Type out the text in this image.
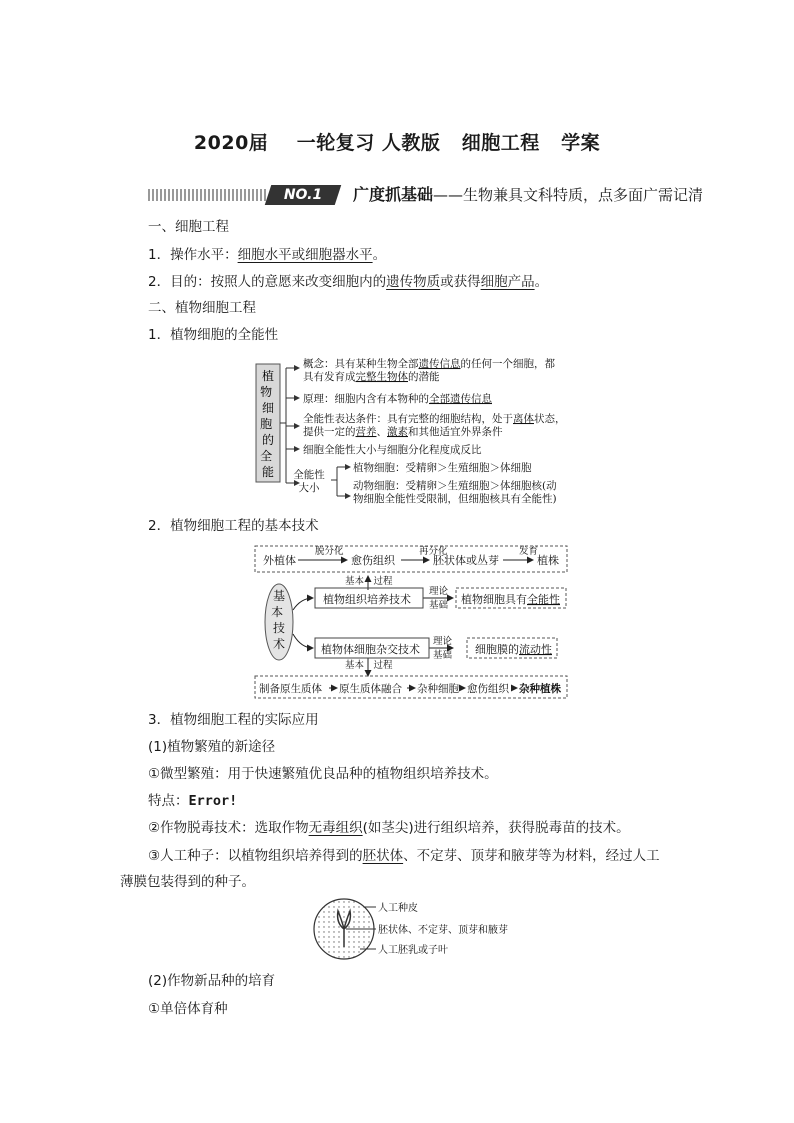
2020届    一轮复习 人教版   细胞工程   学案
NO.1	广度抓基础——生物兼具文科特质，点多面广需记清
一、细胞工程
1．操作水平：细胞水平或细胞器水平。
2．目的：按照人的意愿来改变细胞内的遗传物质或获得细胞产品。
二、植物细胞工程
1．植物细胞的全能性
植物 细胞 的全 能
概念：具有某种生物全部遗传信息的任何一个细胞，都
具有发育成完整生物体的潜能
原理：细胞内含有本物种的全部遗传信息
全能性表达条件：具有完整的细胞结构，处于离体状态，
提供一定的营养、激素和其他适宜外界条件
细胞全能性大小与细胞分化程度成反比
全能性
大小
植物细胞：受精卵＞生殖细胞＞体细胞
动物细胞：受精卵＞生殖细胞＞体细胞核(动
物细胞全能性受限制，但细胞核具有全能性)
2．植物细胞工程的基本技术
外植体
脱分化
愈伤组织
再分化
胚状体或丛芽
发育
植株
基本 技术
基本　过程
植物组织培养技术
理论
基础
植物体细胞杂交技术
理论
基础
基本　过程
植物细胞具有全能性
细胞膜的流动性
制备原生质体 原生质体融合 杂种细胞 愈伤组织 杂种植株
3．植物细胞工程的实际应用
(1)植物繁殖的新途径
①微型繁殖：用于快速繁殖优良品种的植物组织培养技术。
特点：Error!
②作物脱毒技术：选取作物无毒组织(如茎尖)进行组织培养，获得脱毒苗的技术。
③人工种子：以植物组织培养得到的胚状体、不定芽、顶芽和腋芽等为材料，经过人工
薄膜包装得到的种子。
人工种皮
胚状体、不定芽、顶芽和腋芽
人工胚乳或子叶
(2)作物新品种的培育
①单倍体育种
